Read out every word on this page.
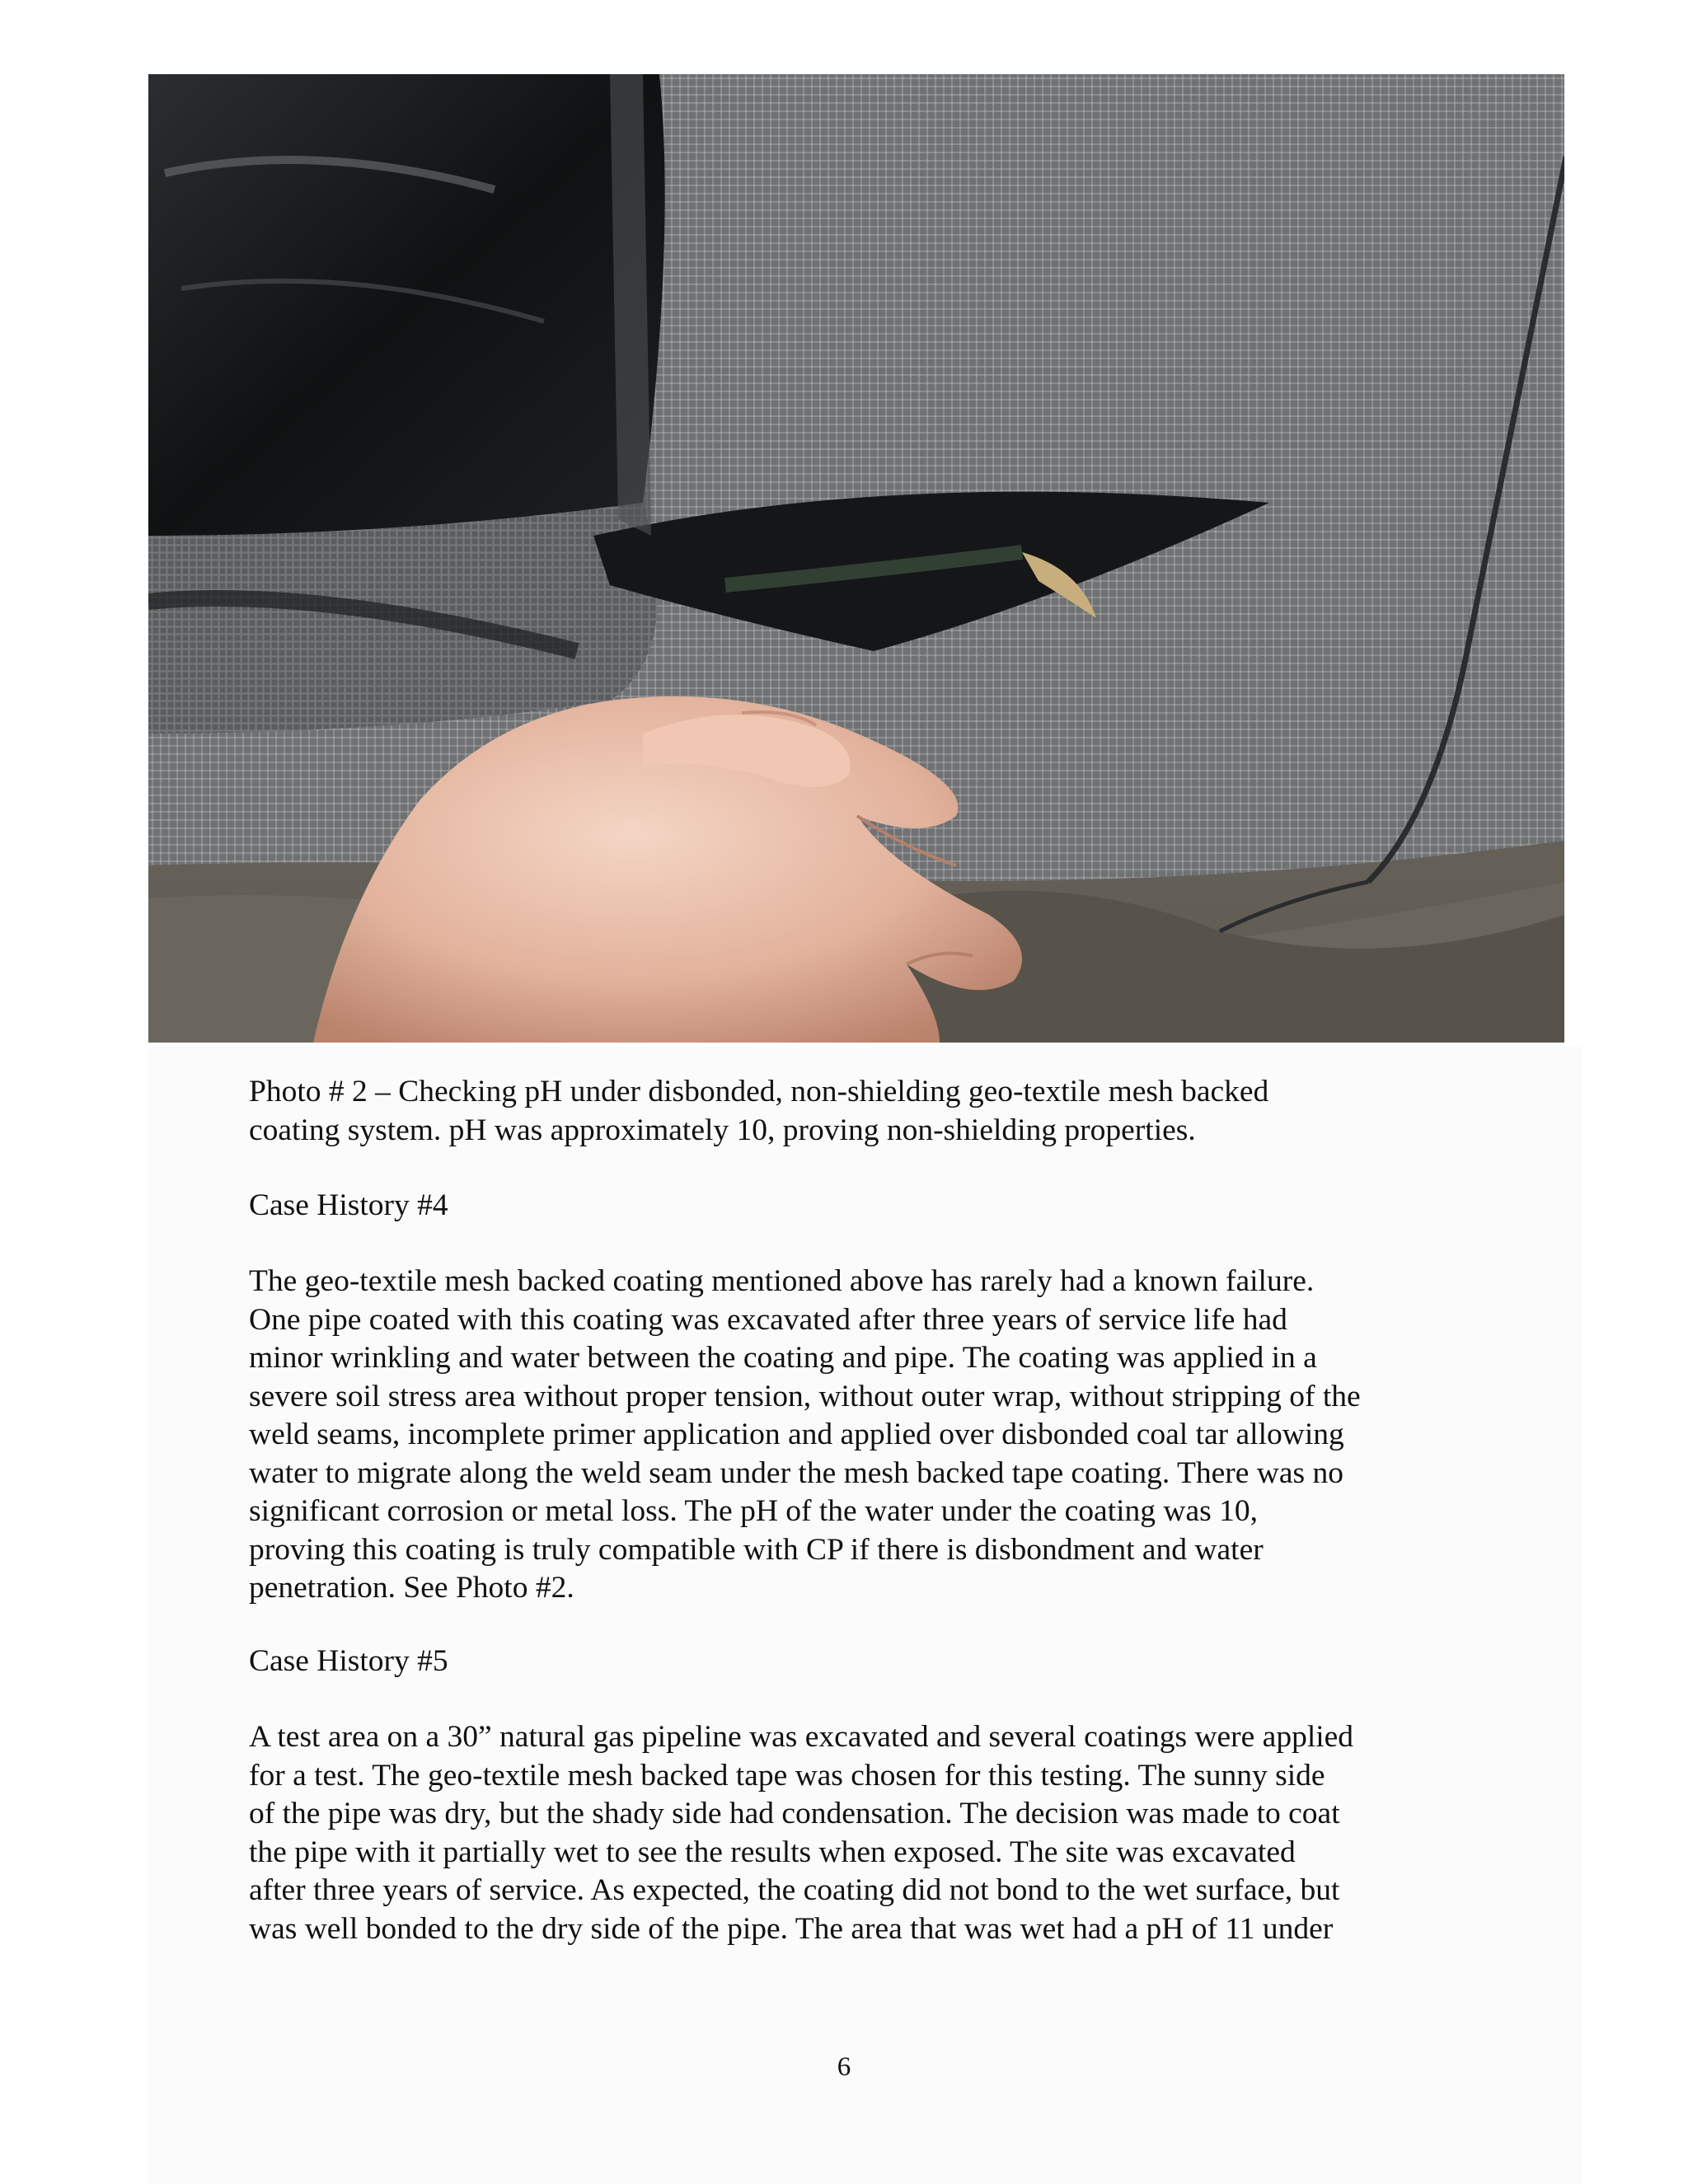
Photo # 2 – Checking pH under disbonded, non-shielding geo-textile mesh backed
coating system. pH was approximately 10, proving non-shielding properties.

Case History #4

The geo-textile mesh backed coating mentioned above has rarely had a known failure.
One pipe coated with this coating was excavated after three years of service life had
minor wrinkling and water between the coating and pipe. The coating was applied in a
severe soil stress area without proper tension, without outer wrap, without stripping of the
weld seams, incomplete primer application and applied over disbonded coal tar allowing
water to migrate along the weld seam under the mesh backed tape coating. There was no
significant corrosion or metal loss. The pH of the water under the coating was 10,
proving this coating is truly compatible with CP if there is disbondment and water
penetration. See Photo #2.

Case History #5

A test area on a 30” natural gas pipeline was excavated and several coatings were applied
for a test. The geo-textile mesh backed tape was chosen for this testing. The sunny side
of the pipe was dry, but the shady side had condensation. The decision was made to coat
the pipe with it partially wet to see the results when exposed. The site was excavated
after three years of service. As expected, the coating did not bond to the wet surface, but
was well bonded to the dry side of the pipe. The area that was wet had a pH of 11 under

6
